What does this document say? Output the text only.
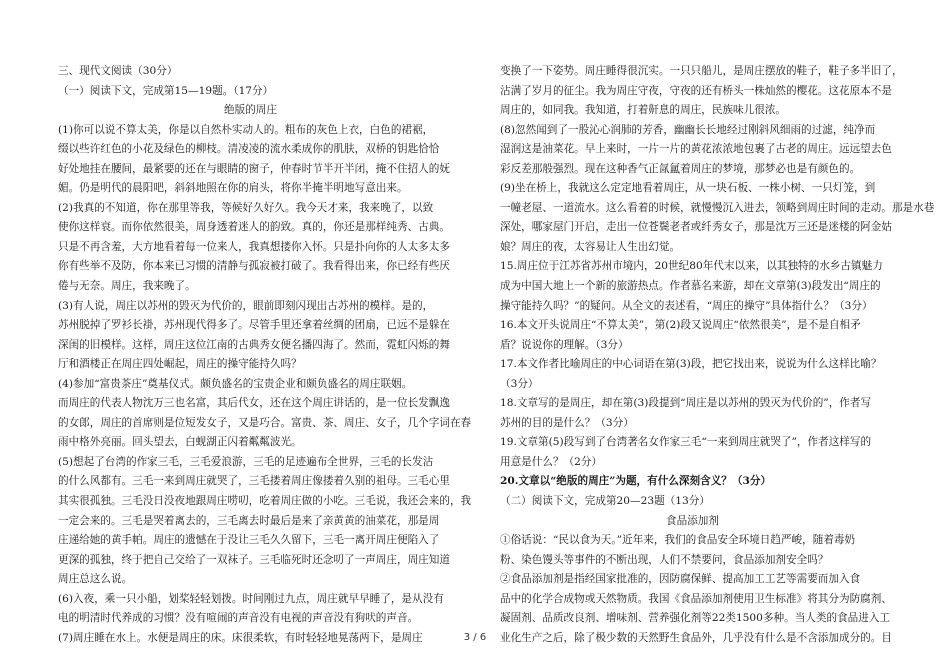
三、现代文阅读（30分）
（一）阅读下文，完成第15—19题。（17分）
绝版的周庄
(1)你可以说不算太美，你是以自然朴实动人的。粗布的灰色上衣，白色的裙裾，
缀以些许红色的小花及绿色的柳枝。清凌凌的流水柔成你的肌肤，双桥的钥匙恰恰
好处地挂在腰间，最紧要的还在与眼睛的窗子，仲春时节半开半闭，掩不住招人的妩
媚。仍是明代的晨阳吧，斜斜地照在你的肩头，将你半掩半明地写意出来。
(2)我真的不知道，你在那里等我，等候好久好久。我今天才来，我来晚了，以致
使你这样衰。而你依然很美，周身透着迷人的韵致。真的，你还是那样纯秀、古典。
只是不再含羞，大方地看着每一位来人，我真想搂你入怀。只是扑向你的人太多太多
你有些举不及防，你本来已习惯的清静与孤寂被打破了。我看得出来，你已经有些厌
倦与无奈。周庄，我来晚了。
(3)有人说，周庄以苏州的毁灭为代价的，眼前即刻闪现出古苏州的模样。是的，
苏州脱掉了罗衫长褂，苏州现代得多了。尽管手里还拿着丝绸的团扇，已远不是躲在
深闺的旧模样。这样，周庄这位江南的古典秀女便名播四海了。然而，霓虹闪烁的舞
厅和酒楼正在周庄四处崛起，周庄的操守能持久吗？
(4)参加“富贵茶庄”奠基仪式。颇负盛名的宝贵企业和颇负盛名的周庄联姻。
而周庄的代表人物沈万三也名富，其后代女，还在这个周庄讲话的，是一位长发飘逸
的女郎，周庄的首席则是位短发女子，又是巧合。富贵、茶、周庄、女子，几个字词在春
雨中格外亮丽。回头望去，白蚬湖正闪着粼粼波光。
(5)想起了台湾的作家三毛，三毛爱浪游，三毛的足迹遍布全世界，三毛的长发沾
的什么风都有。三毛一来到周庄就哭了，三毛搂着周庄像搂着久别的祖母。三毛心里
其实很孤独。三毛没日没夜地跟周庄唠叨，吃着周庄做的小吃。三毛说，我还会来的，我
一定会来的。三毛是哭着离去的，三毛离去时最后是来了亲黄黄的油菜花，那是周
庄递给她的黄手帕。周庄的遗憾在于没让三毛久久留下，三毛一离开周庄便陷入了
更深的孤独，终于把自己交给了一双袜子。三毛临死时还念叨了一声周庄，周庄知道
周庄总这么说。
(6)入夜，乘一只小船，划桨轻轻划拨。时间刚过九点，周庄就早早睡了，是从没有
电的明清时代养成的习惯？没有喧闹的声音没有电视的声音没有狗吠的声音。
(7)周庄睡在水上。水便是周庄的床。床很柔软，有时轻轻地晃荡两下，是周庄
变换了一下姿势。周庄睡得很沉实。一只只船儿，是周庄摆放的鞋子，鞋子多半旧了，
沾满了岁月的征尘。我为周庄守夜，守夜的还有桥头一株灿然的樱花。这花原本不是
周庄的，如同我。我知道，打着鼾息的周庄，民族味儿很浓。
(8)忽然闻到了一股沁心润肺的芳香，幽幽长长地经过刚斜风细雨的过滤，纯净而
湿润这是油菜花。早上来时，一片一片的黄花浓浓地包裹了古老的周庄。远远望去色
彩反差那般强烈。现在这种香气正氤氲着周庄的梦境，那梦必也是有颜色的。
(9)坐在桥上，我就这么定定地看着周庄，从一块石板、一株小树、一只灯笼，到
一幢老屋、一道流水。这么看着的时候，就慢慢沉入进去，领略到周庄时间的走动。那是水巷
深处，哪家屋门开启，走出一位苍鬓老者或纤秀女子，那是沈万三还是迷楼的阿金姑
娘？周庄的夜，太容易让人生出幻觉。
15.周庄位于江苏省苏州市境内，20世纪80年代末以来，以其独特的水乡古镇魅力
成为中国大地上一个新的旅游热点。作者慕名来游，却在文章第(3)段发出“周庄的
操守能持久吗？”的疑问。从全文的表述看，“周庄的操守”具体指什么？（3分）
16.本文开头说周庄“不算太美”，第(2)段又说周庄“依然很美”，是不是自相矛
盾？说说你的理解。（3分）
17.本文作者比喻周庄的中心词语在第(3)段，把它找出来，说说为什么这样比喻？
（3分）
18.文章写的是周庄，却在第(3)段提到“周庄是以苏州的毁灭为代价的”，作者写
苏州的目的是什么？（3分）
19.文章第(5)段写到了台湾著名女作家三毛“一来到周庄就哭了”，作者这样写的
用意是什么？（2分）
20.文章以“绝版的周庄”为题，有什么深刻含义？（3分）
（二）阅读下文，完成第20—23题（13分）
食品添加剂
①俗话说：“民以食为天。”近年来，我们的食品安全环境日趋严峻，随着毒奶
粉、染色馒头等事件的不断出现，人们不禁要问，食品添加剂安全吗？
②食品添加剂是指经国家批准的，因防腐保鲜、提高加工工艺等需要而加入食
品中的化学合成物或天然物质。我国《食品添加剂使用卫生标准》将其分为防腐剂、
凝固剂、品质改良剂、增味剂、营养强化剂等22类1500多种。当人类的食品进入工
业化生产之后，除了极少数的天然野生食品外，几乎没有什么是不含添加成分的。目
3 / 6
